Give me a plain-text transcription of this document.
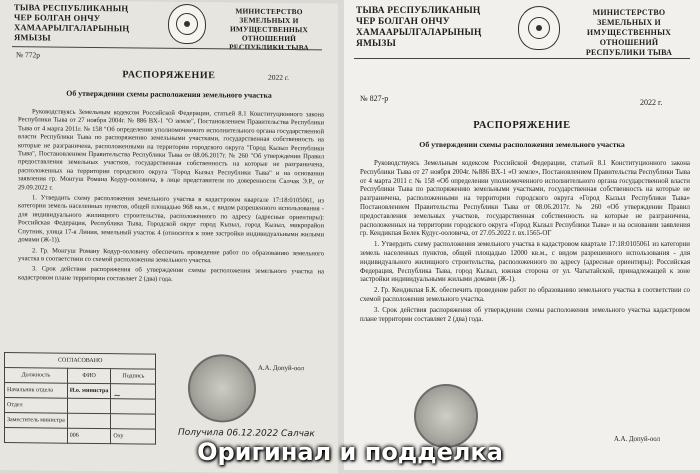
ТЫВА РЕСПУБЛИКАНЫҢ
ЧЕР БОЛГАН ОНЧУ
ХАМААРЫЛГАЛАРЫНЫҢ
ЯМЫЗЫ
МИНИСТЕРСТВО
ЗЕМЕЛЬНЫХ И ИМУЩЕСТВЕННЫХ
ОТНОШЕНИЙ
РЕСПУБЛИКИ ТЫВА
№ 772р
2022 г.
РАСПОРЯЖЕНИЕ
Об утверждении схемы расположения земельного участка

Руководствуясь Земельным кодексом Российской Федерации, статьей 8.1 Конституционного закона Республики Тыва от 27 ноября 2004г. № 886 ВХ-1 "О земле", Постановлением Правительства Республики Тыва от 4 марта 2011г. № 158 "Об определении уполномоченного исполнительного органа государственной власти Республики Тыва по распоряжению земельными участками, государственная собственность на которые не разграничена, расположенными на территории городского округа "Город Кызыл Республики Тыва", Постановлением Правительства Республики Тыва от 08.06.2017г. № 260 "Об утверждении Правил предоставления земельных участков, государственная собственность на которые не разграничена, расположенных на территории городского округа "Город Кызыл Республики Тыва" и на основании заявления гр. Монгуш Романа Кодур-ооловича, в лице представителя по доверенности Салчак Э.Р., от 29.09.2022 г.

1. Утвердить схему расположения земельного участка в кадастровом квартале 17:18:0105061, из категории земель населенных пунктов, общей площадью 968 кв.м., с видом разрешенного использования - для индивидуального жилищного строительства, расположенного по адресу (адресные ориентиры): Российская Федерация, Республика Тыва, Городской округ город Кызыл, город Кызыл, микрорайон Спутник, улица 17-я Линия, земельный участок 4 (относится к зоне застройки индивидуальными жилыми домами (Ж-1)).

2. Гр. Монгуш Роману Кодур-ооловичу обеспечить проведение работ по образованию земельного участка в соответствии со схемой расположения земельного участка.

3. Срок действия распоряжения об утверждении схемы расположения земельного участка на кадастровом плане территории составляет 2 (два) года.

СОГЛАСОВАНО		
Должность	ФИО	Подпись
Начальник отдела	И.о. министра	~

Отдел		
Заместитель министра		
	006	Оху
А.А. Допуй-оол
Получила 06.12.2022 Салчак
ТЫВА РЕСПУБЛИКАНЫҢ
ЧЕР БОЛГАН ОНЧУ
ХАМААРЫЛГАЛАРЫНЫҢ
ЯМЫЗЫ
МИНИСТЕРСТВО
ЗЕМЕЛЬНЫХ И ИМУЩЕСТВЕННЫХ
ОТНОШЕНИЙ
РЕСПУБЛИКИ ТЫВА
№ 827-р	2022 г.
РАСПОРЯЖЕНИЕ
Об утверждении схемы расположения земельного участка

Руководствуясь Земельным кодексом Российской Федерации, статьей 8.1 Конституционного закона Республики Тыва от 27 ноября 2004г. №886 ВХ-1 «О земле», Постановлением Правительства Республики Тыва от 4 марта 2011 г. № 158 «Об определении уполномоченного исполнительного органа государственной власти Республики Тыва по распоряжению земельными участками, государственная собственность на которые не разграничена, расположенными на территории городского округа «Город Кызыл Республики Тыва» Постановлением Правительства Республики Тыва от 08.06.2017г. № 260 «Об утверждении Правил предоставления земельных участков, государственная собственность на которые не разграничена, расположенных на территории городского округа «Город Кызыл Республики Тыва» и на основании заявления гр. Кендикпая Белек Кудус-ооловича, от 27.05.2022 г. вх.1565-ОГ

1. Утвердить схему расположения земельного участка в кадастровом квартале 17:18:0105061 из категории земель населенных пунктов, общей площадью 12000 кв.м., с видом разрешенного использования - для индивидуального жилищного строительства, расположенного по адресу (адресные ориентиры): Российская Федерация, Республика Тыва, город Кызыл, южная сторона от ул. Чагытайской, принадлежащей к зоне застройки индивидуальными жилыми домами (Ж-1).

2. Гр. Кендикпая Б.К. обеспечить проведение работ по образованию земельного участка в соответствии со схемой расположения земельного участка.

3. Срок действия распоряжения об утверждении схемы расположения земельного участка кадастровом плане территории составляет 2 (два) года.

А.А. Допуй-оол
Оригинал и подделка
